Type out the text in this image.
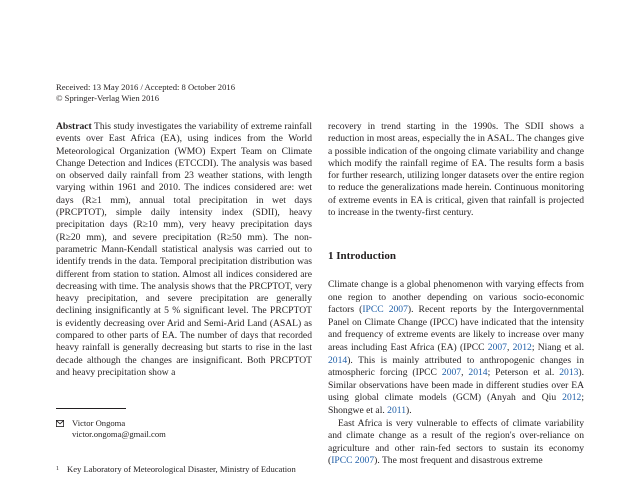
Received: 13 May 2016 / Accepted: 8 October 2016
© Springer-Verlag Wien 2016
Abstract This study investigates the variability of extreme rainfall events over East Africa (EA), using indices from the World Meteorological Organization (WMO) Expert Team on Climate Change Detection and Indices (ETCCDI). The analysis was based on observed daily rainfall from 23 weather stations, with length varying within 1961 and 2010. The indices considered are: wet days (R≥1 mm), annual total precipitation in wet days (PRCPTOT), simple daily intensity index (SDII), heavy precipitation days (R≥10 mm), very heavy precipitation days (R≥20 mm), and severe precipitation (R≥50 mm). The non-parametric Mann-Kendall statistical analysis was carried out to identify trends in the data. Temporal precipitation distribution was different from station to station. Almost all indices considered are decreasing with time. The analysis shows that the PRCPTOT, very heavy precipitation, and severe precipitation are generally declining insignificantly at 5 % significant level. The PRCPTOT is evidently decreasing over Arid and Semi-Arid Land (ASAL) as compared to other parts of EA. The number of days that recorded heavy rainfall is generally decreasing but starts to rise in the last decade although the changes are insignificant. Both PRCPTOT and heavy precipitation show a
recovery in trend starting in the 1990s. The SDII shows a reduction in most areas, especially the in ASAL. The changes give a possible indication of the ongoing climate variability and change which modify the rainfall regime of EA. The results form a basis for further research, utilizing longer datasets over the entire region to reduce the generalizations made herein. Continuous monitoring of extreme events in EA is critical, given that rainfall is projected to increase in the twenty-first century.
1 Introduction

Climate change is a global phenomenon with varying effects from one region to another depending on various socio-economic factors (IPCC 2007). Recent reports by the Intergovernmental Panel on Climate Change (IPCC) have indicated that the intensity and frequency of extreme events are likely to increase over many areas including East Africa (EA) (IPCC 2007, 2012; Niang et al. 2014). This is mainly attributed to anthropogenic changes in atmospheric forcing (IPCC 2007, 2014; Peterson et al. 2013). Similar observations have been made in different studies over EA using global climate models (GCM) (Anyah and Qiu 2012; Shongwe et al. 2011).

East Africa is very vulnerable to effects of climate variability and climate change as a result of the region's over-reliance on agriculture and other rain-fed sectors to sustain its economy (IPCC 2007). The most frequent and disastrous extreme

Victor Ongoma
victor.ongoma@gmail.com
$^1$ Key Laboratory of Meteorological Disaster, Ministry of Education
